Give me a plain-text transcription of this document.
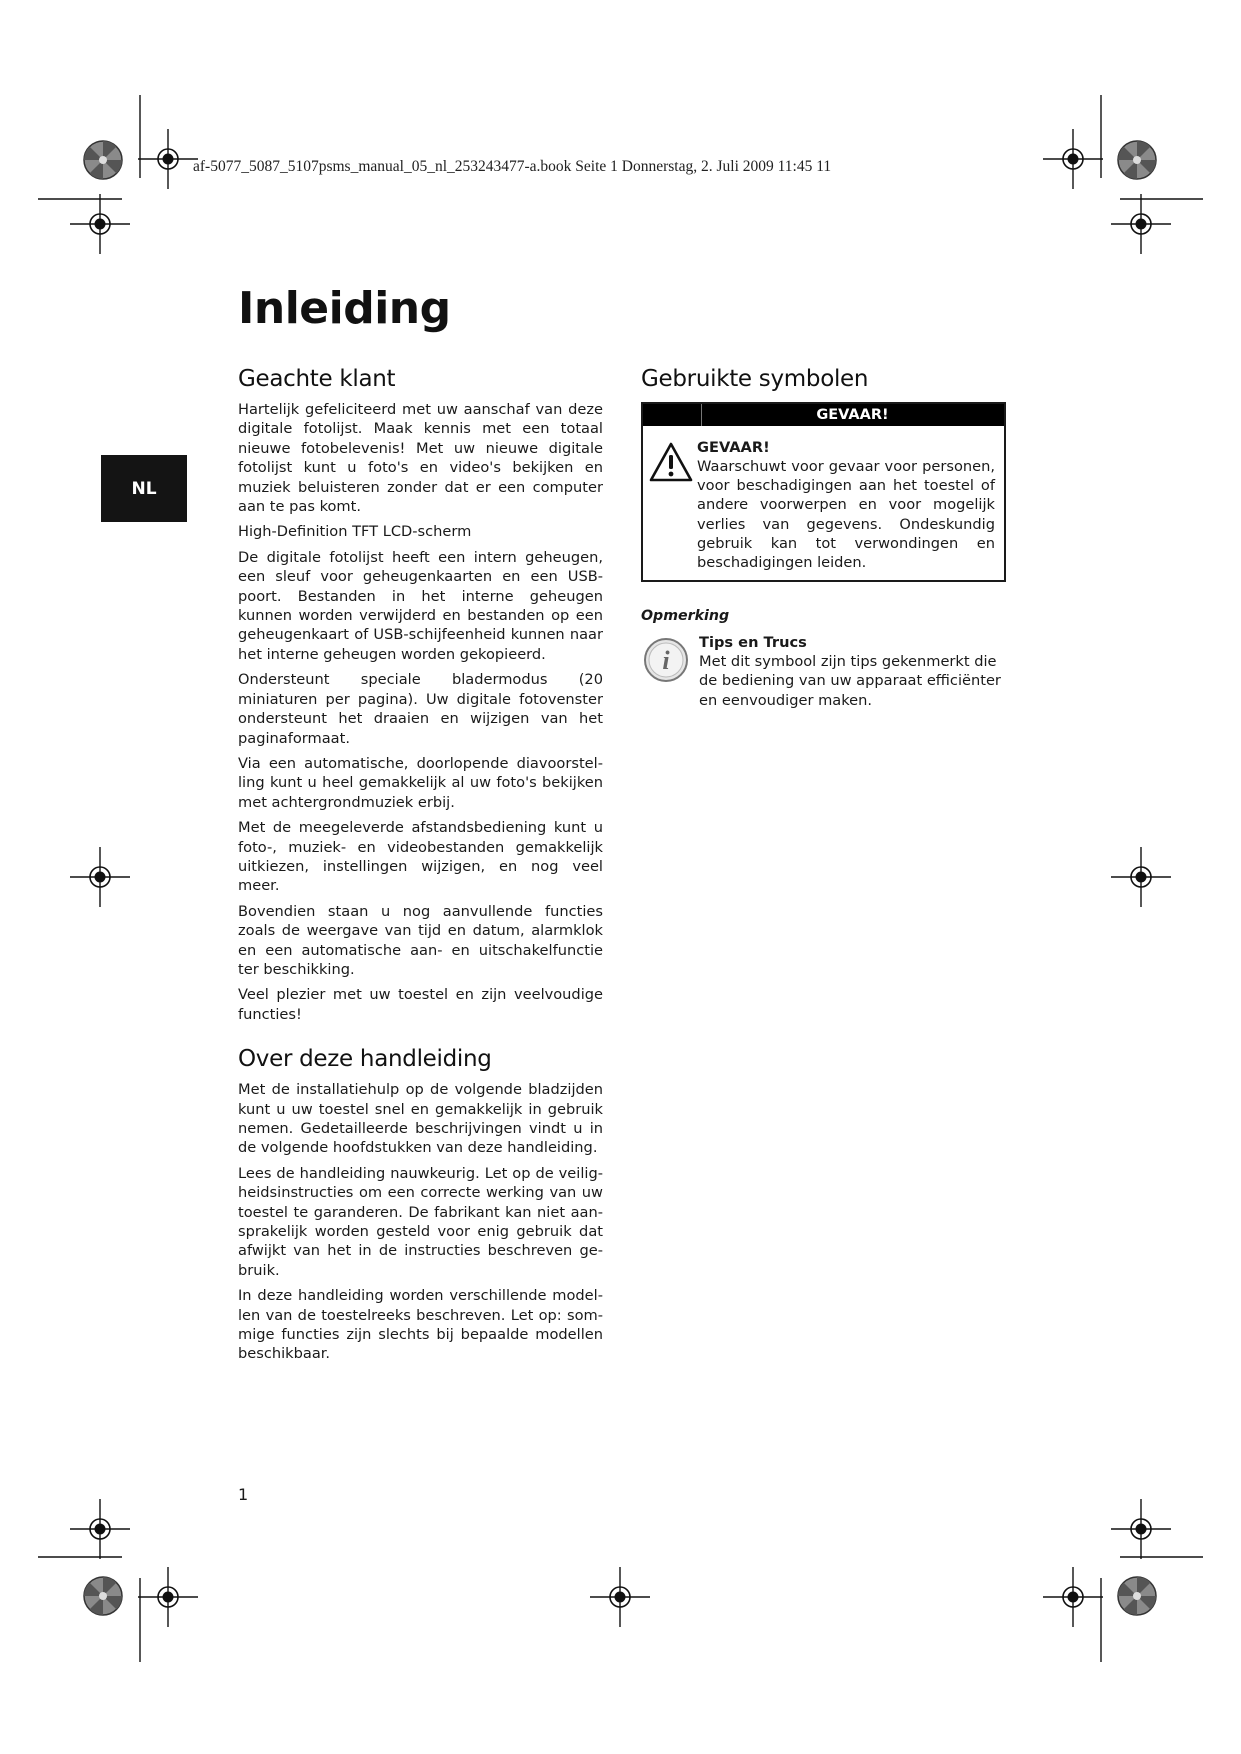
af-5077_5087_5107psms_manual_05_nl_253243477-a.book Seite 1 Donnerstag, 2. Juli 2009 11:45 11
NL
Inleiding
Geachte klant

Hartelijk gefeliciteerd met uw aanschaf van deze digitale fotolijst. Maak kennis met een totaal nieuwe fotobelevenis! Met uw nieuwe digitale fotolijst kunt u foto's en video's bekijken en muziek beluisteren zonder dat er een computer aan te pas komt.

High-Definition TFT LCD-scherm

De digitale fotolijst heeft een intern geheugen, een sleuf voor geheugenkaarten en een USB-poort. Bestanden in het interne geheugen kunnen worden verwijderd en bestanden op een geheugenkaart of USB-schijfeenheid kunnen naar het interne geheugen worden gekopieerd.

Ondersteunt speciale bladermodus (20 miniaturen per pagina). Uw digitale fotovenster ondersteunt het draaien en wijzigen van het paginaformaat.

Via een automatische, doorlopende diavoorstelling kunt u heel gemakkelijk al uw foto's bekijken met achtergrondmuziek erbij.

Met de meegeleverde afstandsbediening kunt u foto-, muziek- en videobestanden gemakkelijk uitkiezen, instellingen wijzigen, en nog veel meer.

Bovendien staan u nog aanvullende functies zoals de weergave van tijd en datum, alarmklok en een automatische aan- en uitschakelfunctie ter beschikking.

Veel plezier met uw toestel en zijn veelvoudige functies!

Over deze handleiding

Met de installatiehulp op de volgende bladzijden kunt u uw toestel snel en gemakkelijk in gebruik nemen. Gedetailleerde beschrijvingen vindt u in de volgende hoofdstukken van deze handleiding.

Lees de handleiding nauwkeurig. Let op de veiligheidsinstructies om een correcte werking van uw toestel te garanderen. De fabrikant kan niet aansprakelijk worden gesteld voor enig gebruik dat afwijkt van het in de instructies beschreven gebruik.

In deze handleiding worden verschillende modellen van de toestelreeks beschreven. Let op: sommige functies zijn slechts bij bepaalde modellen beschikbaar.

Gebruikte symbolen
GEVAAR!
GEVAAR!
Waarschuwt voor gevaar voor personen, voor beschadigingen aan het toestel of andere voorwerpen en voor mogelijk verlies van gegevens. Ondeskundig gebruik kan tot verwondingen en beschadigingen leiden.
Opmerking
i
Tips en Trucs
Met dit symbool zijn tips gekenmerkt die de bediening van uw apparaat efficiënter en eenvoudiger maken.
1
